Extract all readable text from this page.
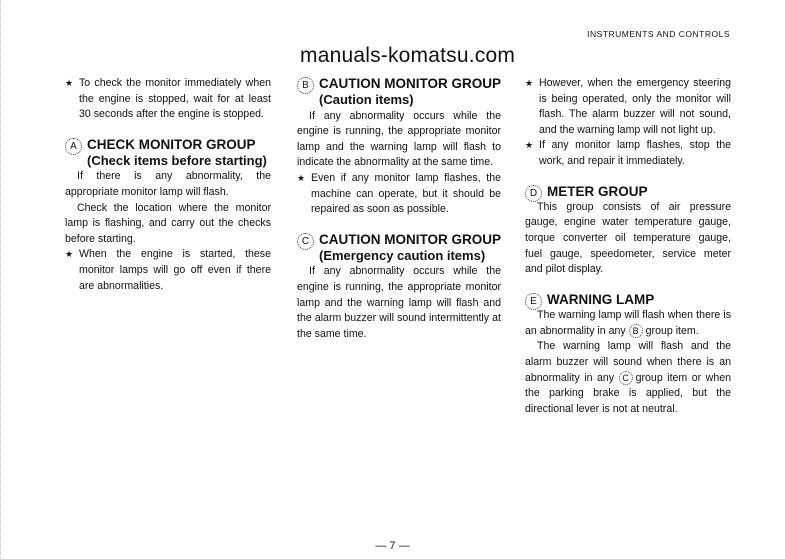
INSTRUMENTS AND CONTROLS
manuals-komatsu.com
★ To check the monitor immediately when the engine is stopped, wait for at least 30 seconds after the engine is stopped.
A CHECK MONITOR GROUP
(Check items before starting)
If there is any abnormality, the appropriate monitor lamp will flash.
Check the location where the monitor lamp is flashing, and carry out the checks before starting.
★ When the engine is started, these monitor lamps will go off even if there are abnormalities.
B CAUTION MONITOR GROUP
(Caution items)
If any abnormality occurs while the engine is running, the appropriate monitor lamp and the warning lamp will flash to indicate the abnormality at the same time.
★ Even if any monitor lamp flashes, the machine can operate, but it should be repaired as soon as possible.
C CAUTION MONITOR GROUP
(Emergency caution items)
If any abnormality occurs while the engine is running, the appropriate monitor lamp and the warning lamp will flash and the alarm buzzer will sound intermittently at the same time.
★ However, when the emergency steering is being operated, only the monitor will flash. The alarm buzzer will not sound, and the warning lamp will not light up.
★ If any monitor lamp flashes, stop the work, and repair it immediately.
D METER GROUP
This group consists of air pressure gauge, engine water temperature gauge, torque converter oil temperature gauge, fuel gauge, speedometer, service meter and pilot display.
E WARNING LAMP
The warning lamp will flash when there is an abnormality in any B group item.
The warning lamp will flash and the alarm buzzer will sound when there is an abnormality in any C group item or when the parking brake is applied, but the directional lever is not at neutral.
— 7 —
